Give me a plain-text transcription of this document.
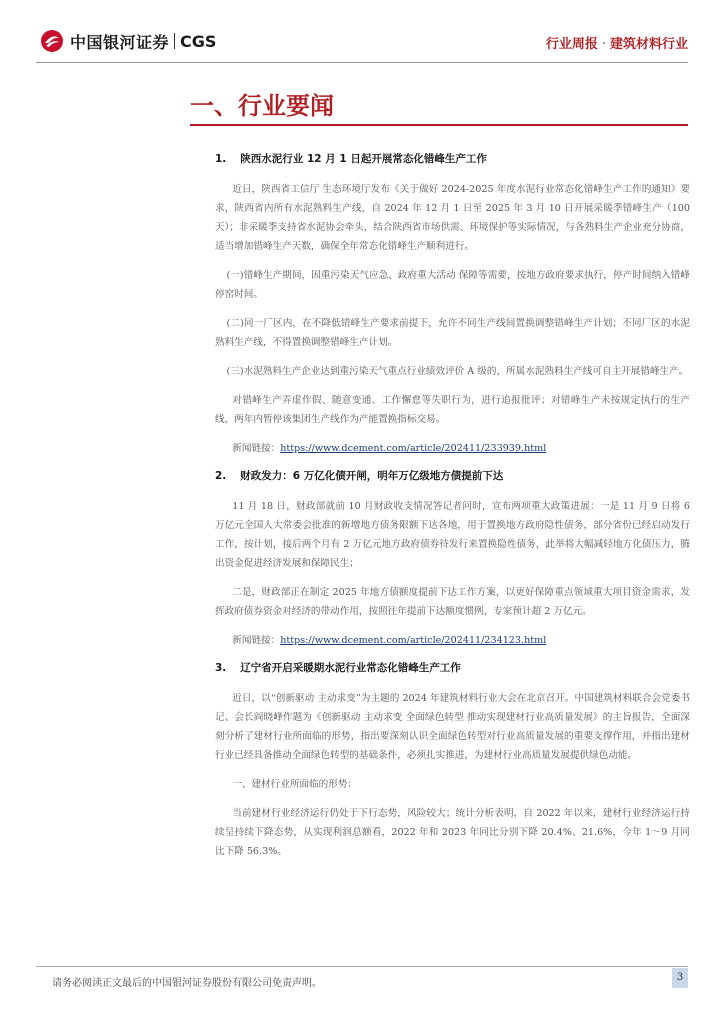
中国银河证券 CGS	行业周报 · 建筑材料行业
一、行业要闻
1. 陕西水泥行业 12 月 1 日起开展常态化错峰生产工作

近日，陕西省工信厅 生态环境厅发布《关于做好 2024-2025 年度水泥行业常态化错峰生产工作的通知》要求，陕西省内所有水泥熟料生产线，自 2024 年 12 月 1 日至 2025 年 3 月 10 日开展采暖季错峰生产（100 天）；非采暖季支持省水泥协会牵头，结合陕西省市场供需、环境保护等实际情况，与各熟料生产企业充分协商，适当增加错峰生产天数，确保全年常态化错峰生产顺利进行。

(一)错峰生产期间，因重污染天气应急、政府重大活动 保障等需要，按地方政府要求执行，停产时间纳入错峰停窑时间。

(二)同一厂区内，在不降低错峰生产要求前提下，允许不同生产线间置换调整错峰生产计划；不同厂区的水泥熟料生产线，不得置换调整错峰生产计划。

(三)水泥熟料生产企业达到重污染天气重点行业绩效评价 A 级的，所属水泥熟料生产线可自主开展错峰生产。

对错峰生产弄虚作假、随意变通、工作懈怠等失职行为，进行追报批评；对错峰生产未按规定执行的生产线，两年内暂停该集团生产线作为产能置换指标交易。

新闻链接：https://www.dcement.com/article/202411/233939.html

2. 财政发力：6 万亿化债开闸，明年万亿级地方债提前下达

11 月 18 日，财政部就前 10 月财政收支情况答记者问时，宣布两项重大政策进展：一是 11 月 9 日将 6 万亿元全国人大常委会批准的新增地方债务限额下达各地，用于置换地方政府隐性债务，部分省份已经启动发行工作，按计划，接后两个月有 2 万亿元地方政府债券待发行来置换隐性债务，此举将大幅减轻地方化债压力，腾出资金促进经济发展和保障民生；

二是，财政部正在制定 2025 年地方债额度提前下达工作方案，以更好保障重点领域重大项目资金需求，发挥政府债券资金对经济的带动作用，按照往年提前下达额度惯例，专家预计超 2 万亿元。

新闻链接：https://www.dcement.com/article/202411/234123.html

3. 辽宁省开启采暖期水泥行业常态化错峰生产工作

近日，以“创新驱动 主动求变”为主题的 2024 年建筑材料行业大会在北京召开。中国建筑材料联合会党委书记、会长阎晓峰作题为《创新驱动 主动求变 全面绿色转型 推动实现建材行业高质量发展》的主旨报告，全面深刻分析了建材行业所面临的形势，指出要深刻认识全面绿色转型对行业高质量发展的重要支撑作用，并指出建材行业已经具备推动全面绿色转型的基础条件，必须扎实推进，为建材行业高质量发展提供绿色动能。

一、建材行业所面临的形势：

当前建材行业经济运行仍处于下行态势，风险较大；统计分析表明，自 2022 年以来，建材行业经济运行持续呈持续下降态势，从实现利润总额看，2022 年和 2023 年同比分别下降 20.4%、21.6%，今年 1～9 月同比下降 56.3%。

请务必阅读正文最后的中国银河证券股份有限公司免责声明。
3
